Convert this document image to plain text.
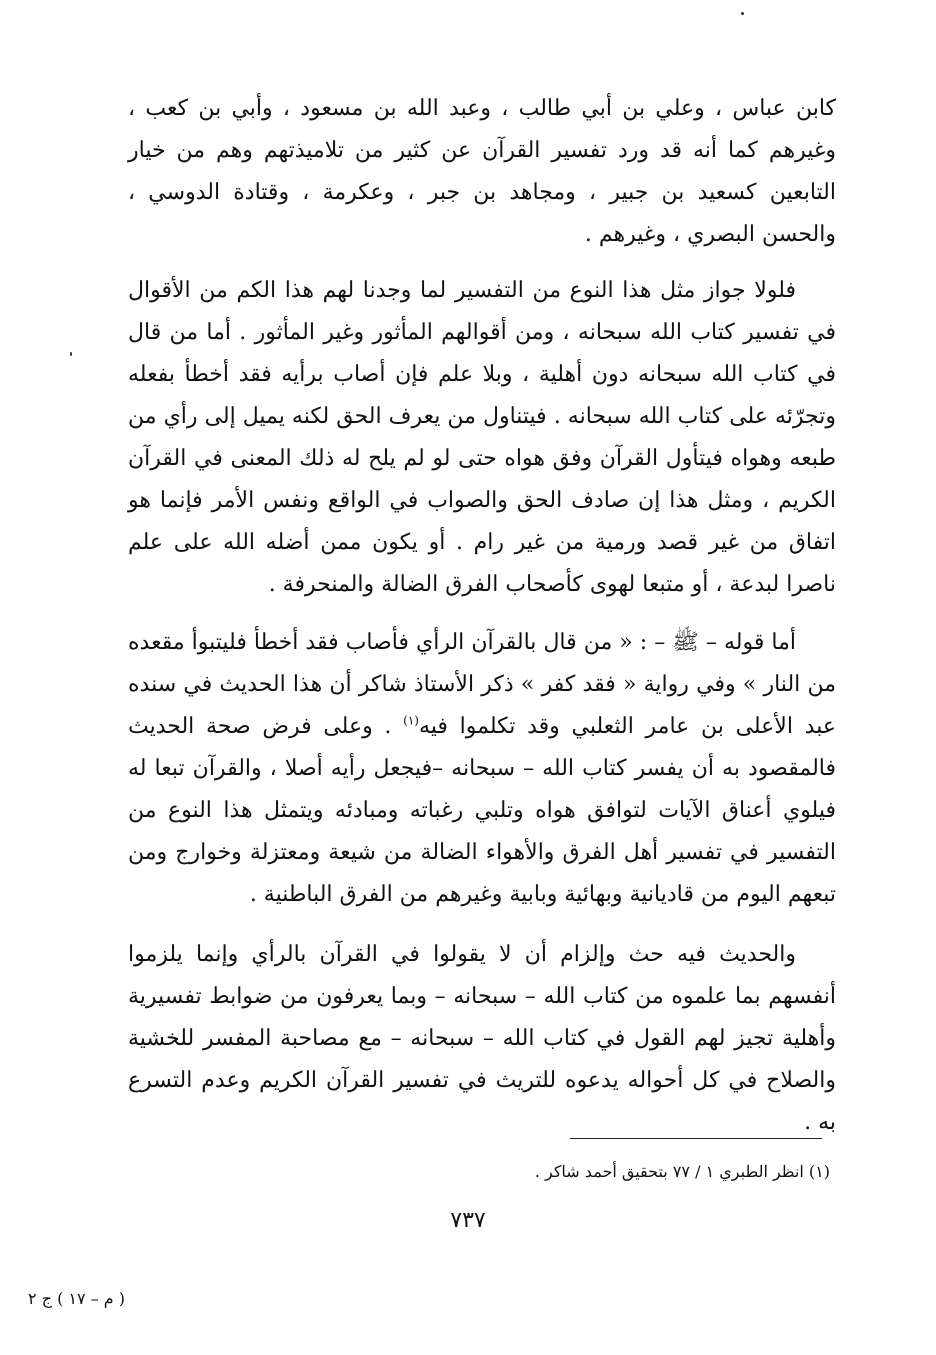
كابن عباس ، وعلي بن أبي طالب ، وعبد الله بن مسعود ، وأبي بن كعب ، وغيرهم كما أنه قد ورد تفسير القرآن عن كثير من تلاميذتهم وهم من خيار التابعين كسعيد بن جبير ، ومجاهد بن جبر ، وعكرمة ، وقتادة الدوسي ، والحسن البصري ، وغيرهم .

فلولا جواز مثل هذا النوع من التفسير لما وجدنا لهم هذا الكم من الأقوال في تفسير كتاب الله سبحانه ، ومن أقوالهم المأثور وغير المأثور . أما من قال في كتاب الله سبحانه دون أهلية ، وبلا علم فإن أصاب برأيه فقد أخطأ بفعله وتجرّئه على كتاب الله سبحانه . فيتناول من يعرف الحق لكنه يميل إلى رأي من طبعه وهواه فيتأول القرآن وفق هواه حتى لو لم يلح له ذلك المعنى في القرآن الكريم ، ومثل هذا إن صادف الحق والصواب في الواقع ونفس الأمر فإنما هو اتفاق من غير قصد ورمية من غير رام . أو يكون ممن أضله الله على علم ناصرا لبدعة ، أو متبعا لهوى كأصحاب الفرق الضالة والمنحرفة .

أما قوله – ﷺ – : « من قال بالقرآن الرأي فأصاب فقد أخطأ فليتبوأ مقعده من النار » وفي رواية « فقد كفر » ذكر الأستاذ شاكر أن هذا الحديث في سنده عبد الأعلى بن عامر الثعلبي وقد تكلموا فيه$^{(١)}$ . وعلى فرض صحة الحديث فالمقصود به أن يفسر كتاب الله – سبحانه –فيجعل رأيه أصلا ، والقرآن تبعا له فيلوي أعناق الآيات لتوافق هواه وتلبي رغباته ومبادئه ويتمثل هذا النوع من التفسير في تفسير أهل الفرق والأهواء الضالة من شيعة ومعتزلة وخوارج ومن تبعهم اليوم من قاديانية وبهائية وبابية وغيرهم من الفرق الباطنية .

والحديث فيه حث وإلزام أن لا يقولوا في القرآن بالرأي وإنما يلزموا أنفسهم بما علموه من كتاب الله – سبحانه – وبما يعرفون من ضوابط تفسيرية وأهلية تجيز لهم القول في كتاب الله – سبحانه – مع مصاحبة المفسر للخشية والصلاح في كل أحواله يدعوه للتريث في تفسير القرآن الكريم وعدم التسرع به .

(١) انظر الطبري ١ / ٧٧ بتحقيق أحمد شاكر .

٧٣٧
( م – ١٧ ) ج ٢
